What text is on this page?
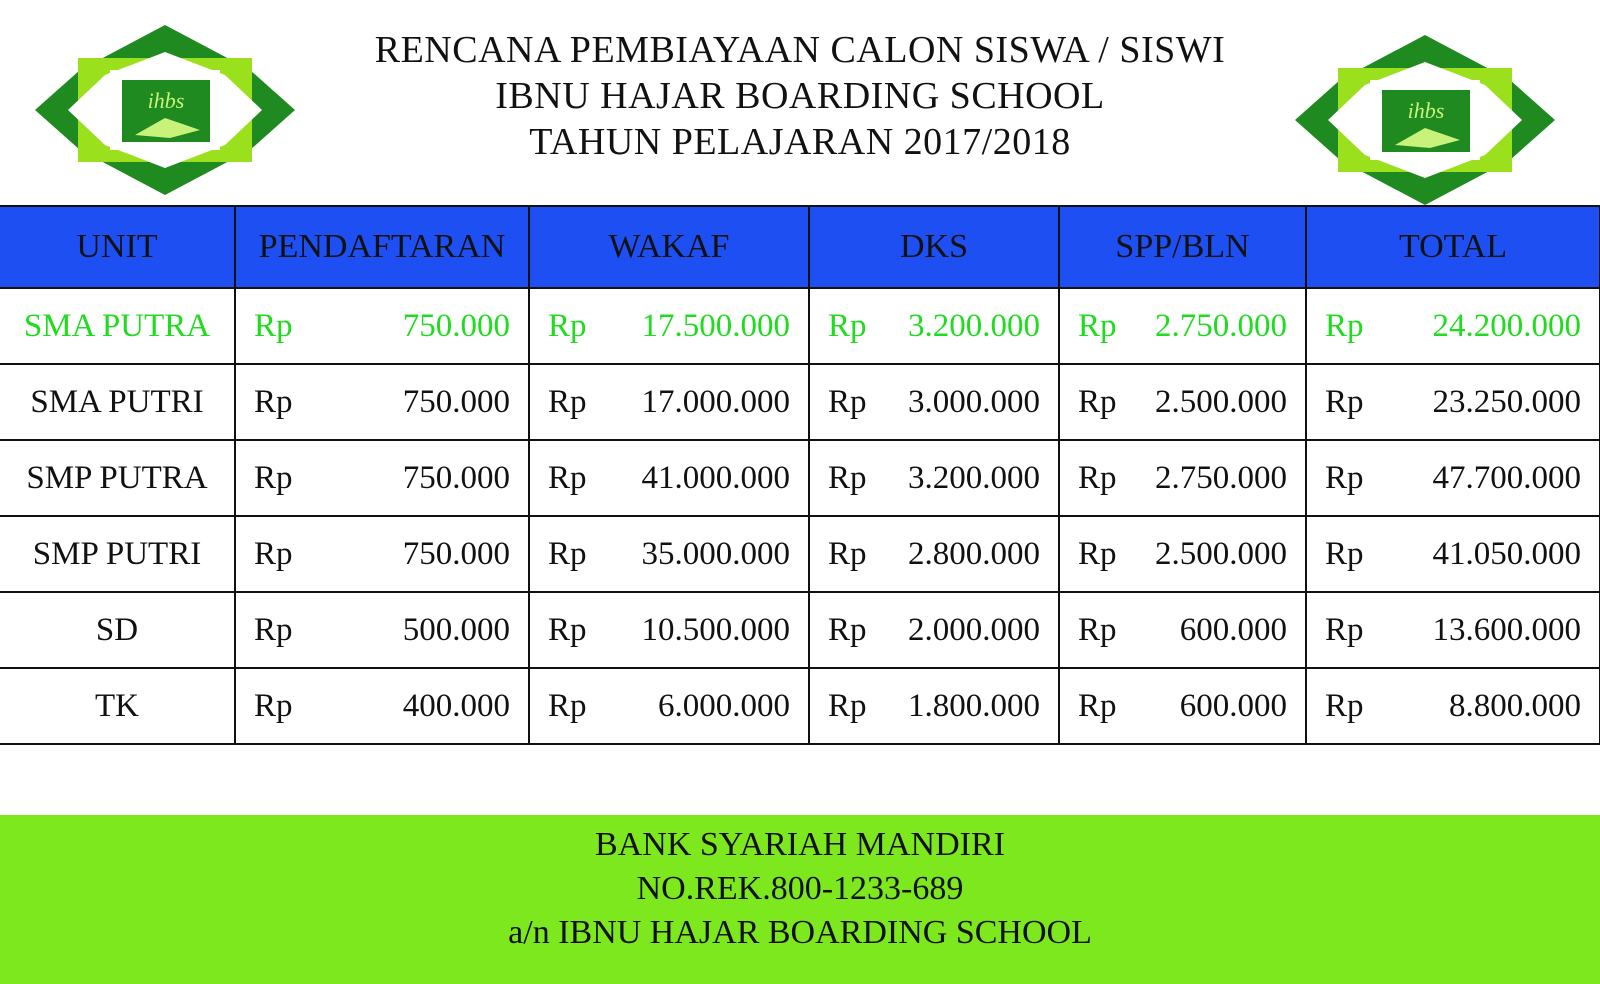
ihbs	ihbs
RENCANA PEMBIAYAAN CALON SISWA / SISWI
IBNU HAJAR BOARDING SCHOOL
TAHUN PELAJARAN 2017/2018
UNIT	PENDAFTARAN	WAKAF	DKS	SPP/BLN	TOTAL
SMA PUTRA	Rp 750.000	Rp 17.500.000	Rp 3.200.000	Rp 2.750.000	Rp 24.200.000

SMA PUTRI	Rp 750.000	Rp 17.000.000	Rp 3.000.000	Rp 2.500.000	Rp 23.250.000

SMP PUTRA	Rp 750.000	Rp 41.000.000	Rp 3.200.000	Rp 2.750.000	Rp 47.700.000

SMP PUTRI	Rp 750.000	Rp 35.000.000	Rp 2.800.000	Rp 2.500.000	Rp 41.050.000

SD	Rp 500.000	Rp 10.500.000	Rp 2.000.000	Rp 600.000	Rp 13.600.000

TK	Rp 400.000	Rp 6.000.000	Rp 1.800.000	Rp 600.000	Rp 8.800.000
BANK SYARIAH MANDIRI
NO.REK.800-1233-689
a/n IBNU HAJAR BOARDING SCHOOL
